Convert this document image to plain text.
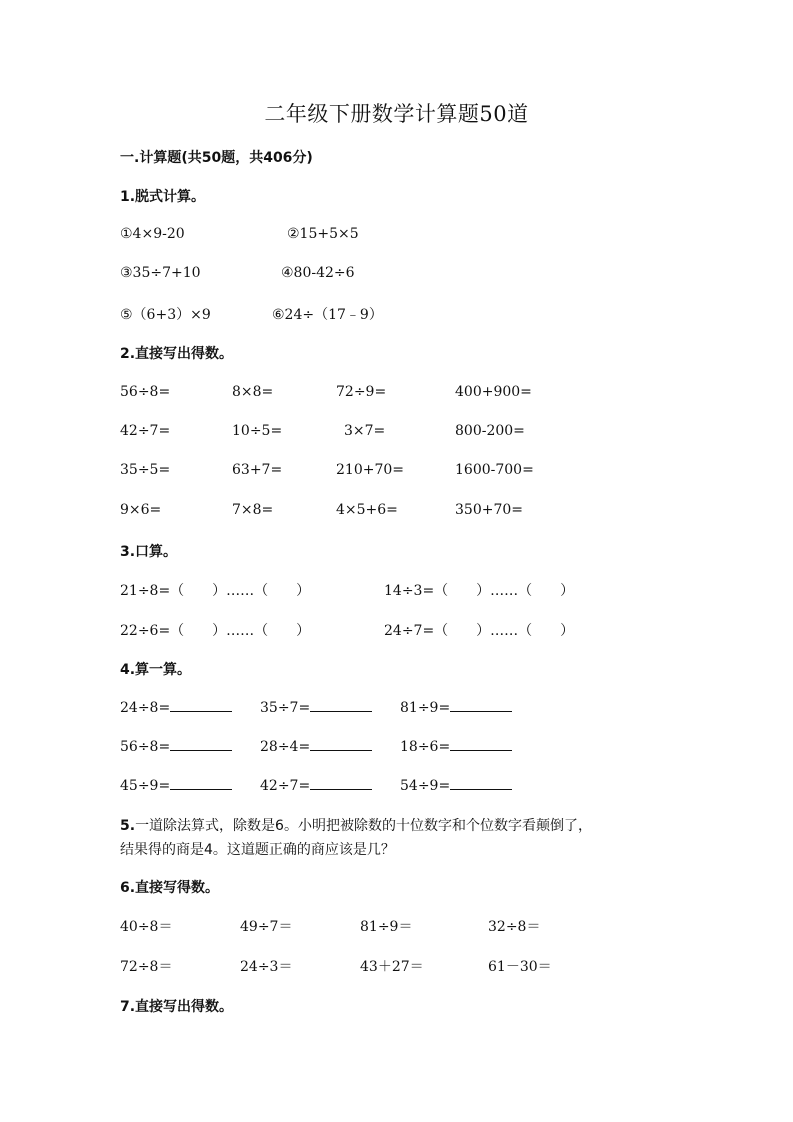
二年级下册数学计算题50道
一.计算题(共50题，共406分)
1.脱式计算。
①4×9-20	②15+5×5
③35÷7+10	④80-42÷6
⑤（6+3）×9	⑥24÷（17﹣9）
2.直接写出得数。
56÷8=	8×8=	72÷9=	400+900=
42÷7=	10÷5=	3×7=	800-200=
35÷5=	63+7=	210+70=	1600-700=
9×6=	7×8=	4×5+6=	350+70=
3.口算。
21÷8=（　　）……（　　）	14÷3=（　　）……（　　）
22÷6=（　　）……（　　）	24÷7=（　　）……（　　）
4.算一算。
24÷8=	35÷7=	81÷9=
56÷8=	28÷4=	18÷6=
45÷9=	42÷7=	54÷9=
5.一道除法算式，除数是6。小明把被除数的十位数字和个位数字看颠倒了，
结果得的商是4。这道题正确的商应该是几？
6.直接写得数。
40÷8＝	49÷7＝	81÷9＝	32÷8＝
72÷8＝	24÷3＝	43＋27＝	61－30＝
7.直接写出得数。
